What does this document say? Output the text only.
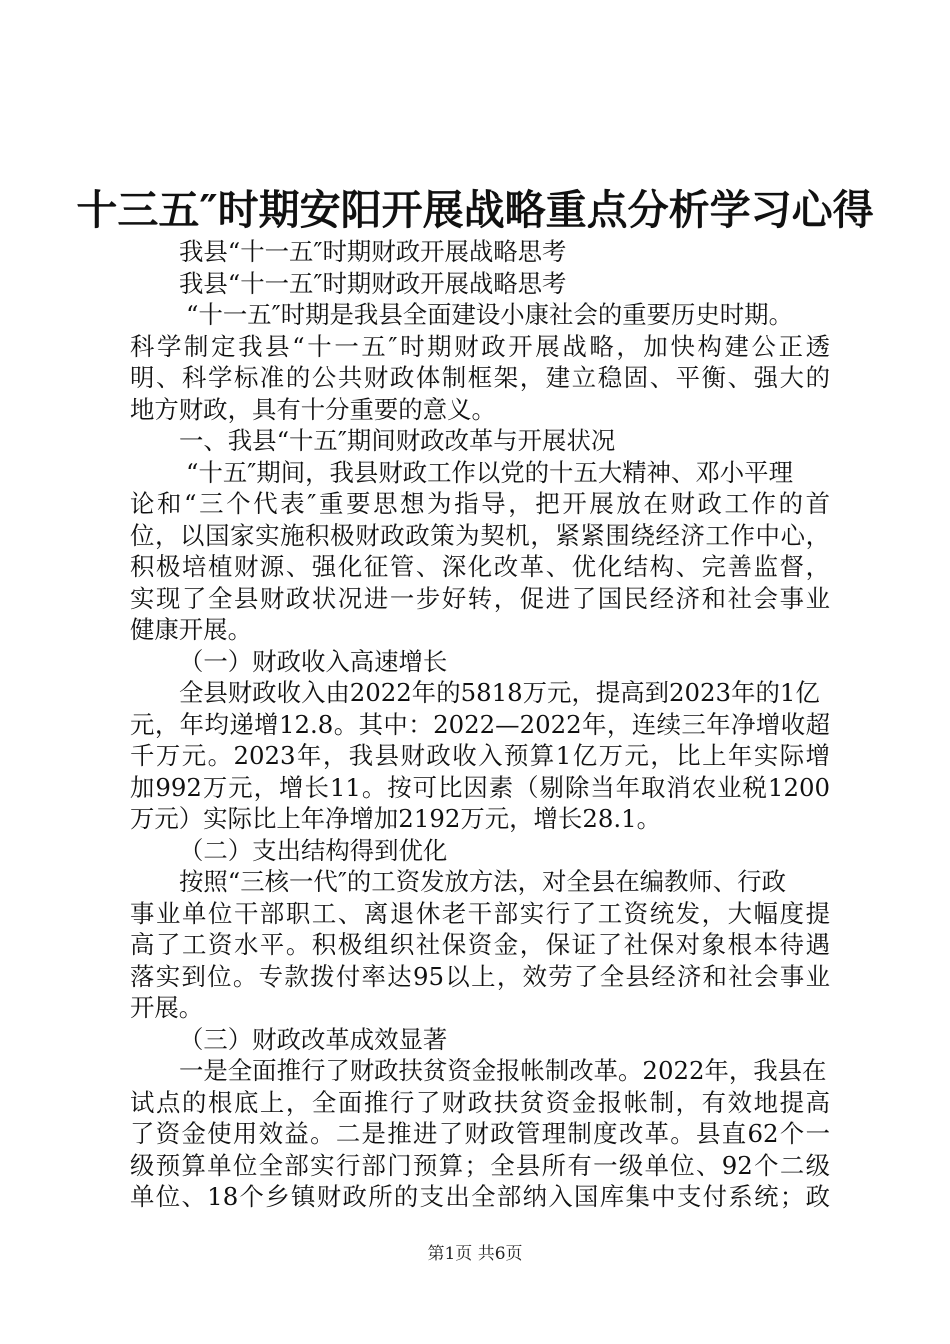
十三五″时期安阳开展战略重点分析学习心得
我县“十一五″时期财政开展战略思考
我县“十一五″时期财政开展战略思考
“十一五″时期是我县全面建设小康社会的重要历史时期。
科学制定我县“十一五″时期财政开展战略，加快构建公正透
明、科学标准的公共财政体制框架，建立稳固、平衡、强大的
地方财政，具有十分重要的意义。
一、我县“十五″期间财政改革与开展状况
“十五″期间，我县财政工作以党的十五大精神、邓小平理
论和“三个代表″重要思想为指导，把开展放在财政工作的首
位，以国家实施积极财政政策为契机，紧紧围绕经济工作中心，
积极培植财源、强化征管、深化改革、优化结构、完善监督，
实现了全县财政状况进一步好转，促进了国民经济和社会事业
健康开展。
（一）财政收入高速增长
全县财政收入由2022年的5818万元，提高到2023年的1亿
元，年均递增12.8。其中：2022—2022年，连续三年净增收超
千万元。2023年，我县财政收入预算1亿万元，比上年实际增
加992万元，增长11。按可比因素（剔除当年取消农业税1200
万元）实际比上年净增加2192万元，增长28.1。
（二）支出结构得到优化
按照“三核一代″的工资发放方法，对全县在编教师、行政
事业单位干部职工、离退休老干部实行了工资统发，大幅度提
高了工资水平。积极组织社保资金，保证了社保对象根本待遇
落实到位。专款拨付率达95以上，效劳了全县经济和社会事业
开展。
（三）财政改革成效显著
一是全面推行了财政扶贫资金报帐制改革。2022年，我县在
试点的根底上，全面推行了财政扶贫资金报帐制，有效地提高
了资金使用效益。二是推进了财政管理制度改革。县直62个一
级预算单位全部实行部门预算；全县所有一级单位、92个二级
单位、18个乡镇财政所的支出全部纳入国库集中支付系统；政
第1页 共6页
